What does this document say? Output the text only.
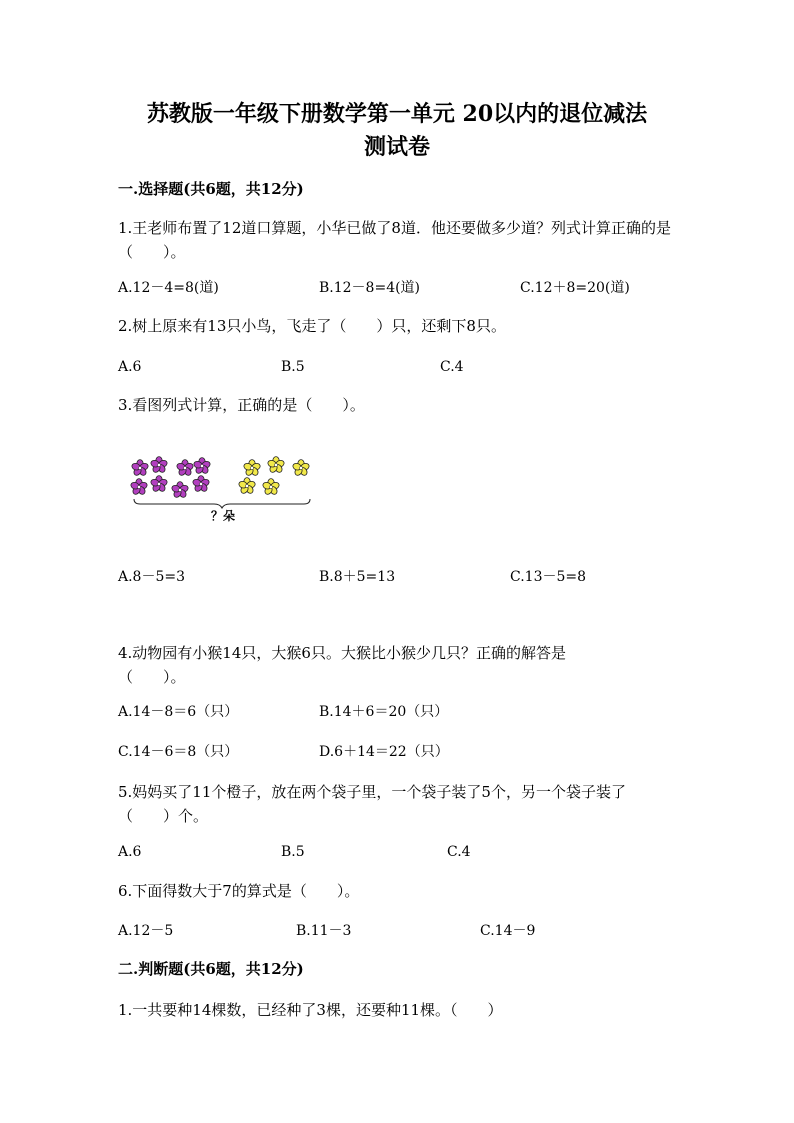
苏教版一年级下册数学第一单元 20以内的退位减法
测试卷
一.选择题(共6题，共12分)
1.王老师布置了12道口算题，小华已做了8道．他还要做多少道？列式计算正确的是（　　）。
A.12－4=8(道)	B.12－8=4(道)	C.12＋8=20(道)
2.树上原来有13只小鸟，飞走了（　　）只，还剩下8只。
A.6	B.5	C.4
3.看图列式计算，正确的是（　　）。
？朵
A.8－5=3	B.8＋5=13	C.13－5=8
4.动物园有小猴14只，大猴6只。大猴比小猴少几只？正确的解答是（　　）。
A.14－8＝6（只）	B.14＋6＝20（只）
C.14－6＝8（只）	D.6＋14＝22（只）
5.妈妈买了11个橙子，放在两个袋子里，一个袋子装了5个，另一个袋子装了（　　）个。
A.6	B.5	C.4
6.下面得数大于7的算式是（　　）。
A.12－5	B.11－3	C.14－9
二.判断题(共6题，共12分)
1.一共要种14棵数，已经种了3棵，还要种11棵。（　　）
